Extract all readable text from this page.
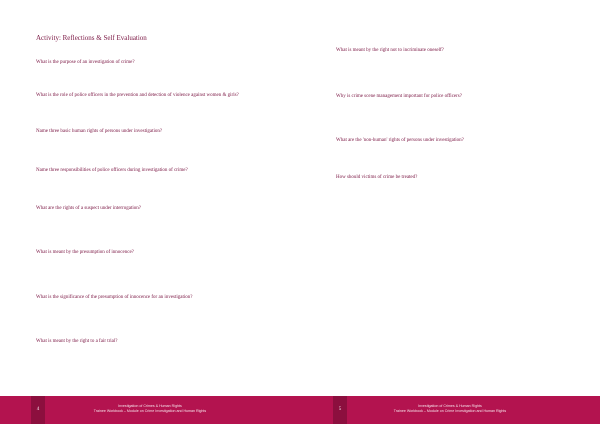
Activity: Reflections & Self Evaluation

What is the purpose of an investigation of crime?

What is the role of police officers in the prevention and detection of violence against women & girls?

Name three basic human rights of persons under investigation?

Name three responsibilities of police officers during investigation of crime?

What are the rights of a suspect under interrogation?

What is meant by the presumption of innocence?

What is the significance of the presumption of innocence for an investigation?

What is meant by the right to a fair trial?

What is meant by the right not to incriminate oneself?

Why is crime scene management important for police officers?

What are the 'non-human' rights of persons under investigation?

How should victims of crime be treated?

4
Investigation of Crimes & Human Rights
Trainee Workbook – Module on Crime Investigation and Human Rights	5
Investigation of Crimes & Human Rights
Trainee Workbook – Module on Crime Investigation and Human Rights
